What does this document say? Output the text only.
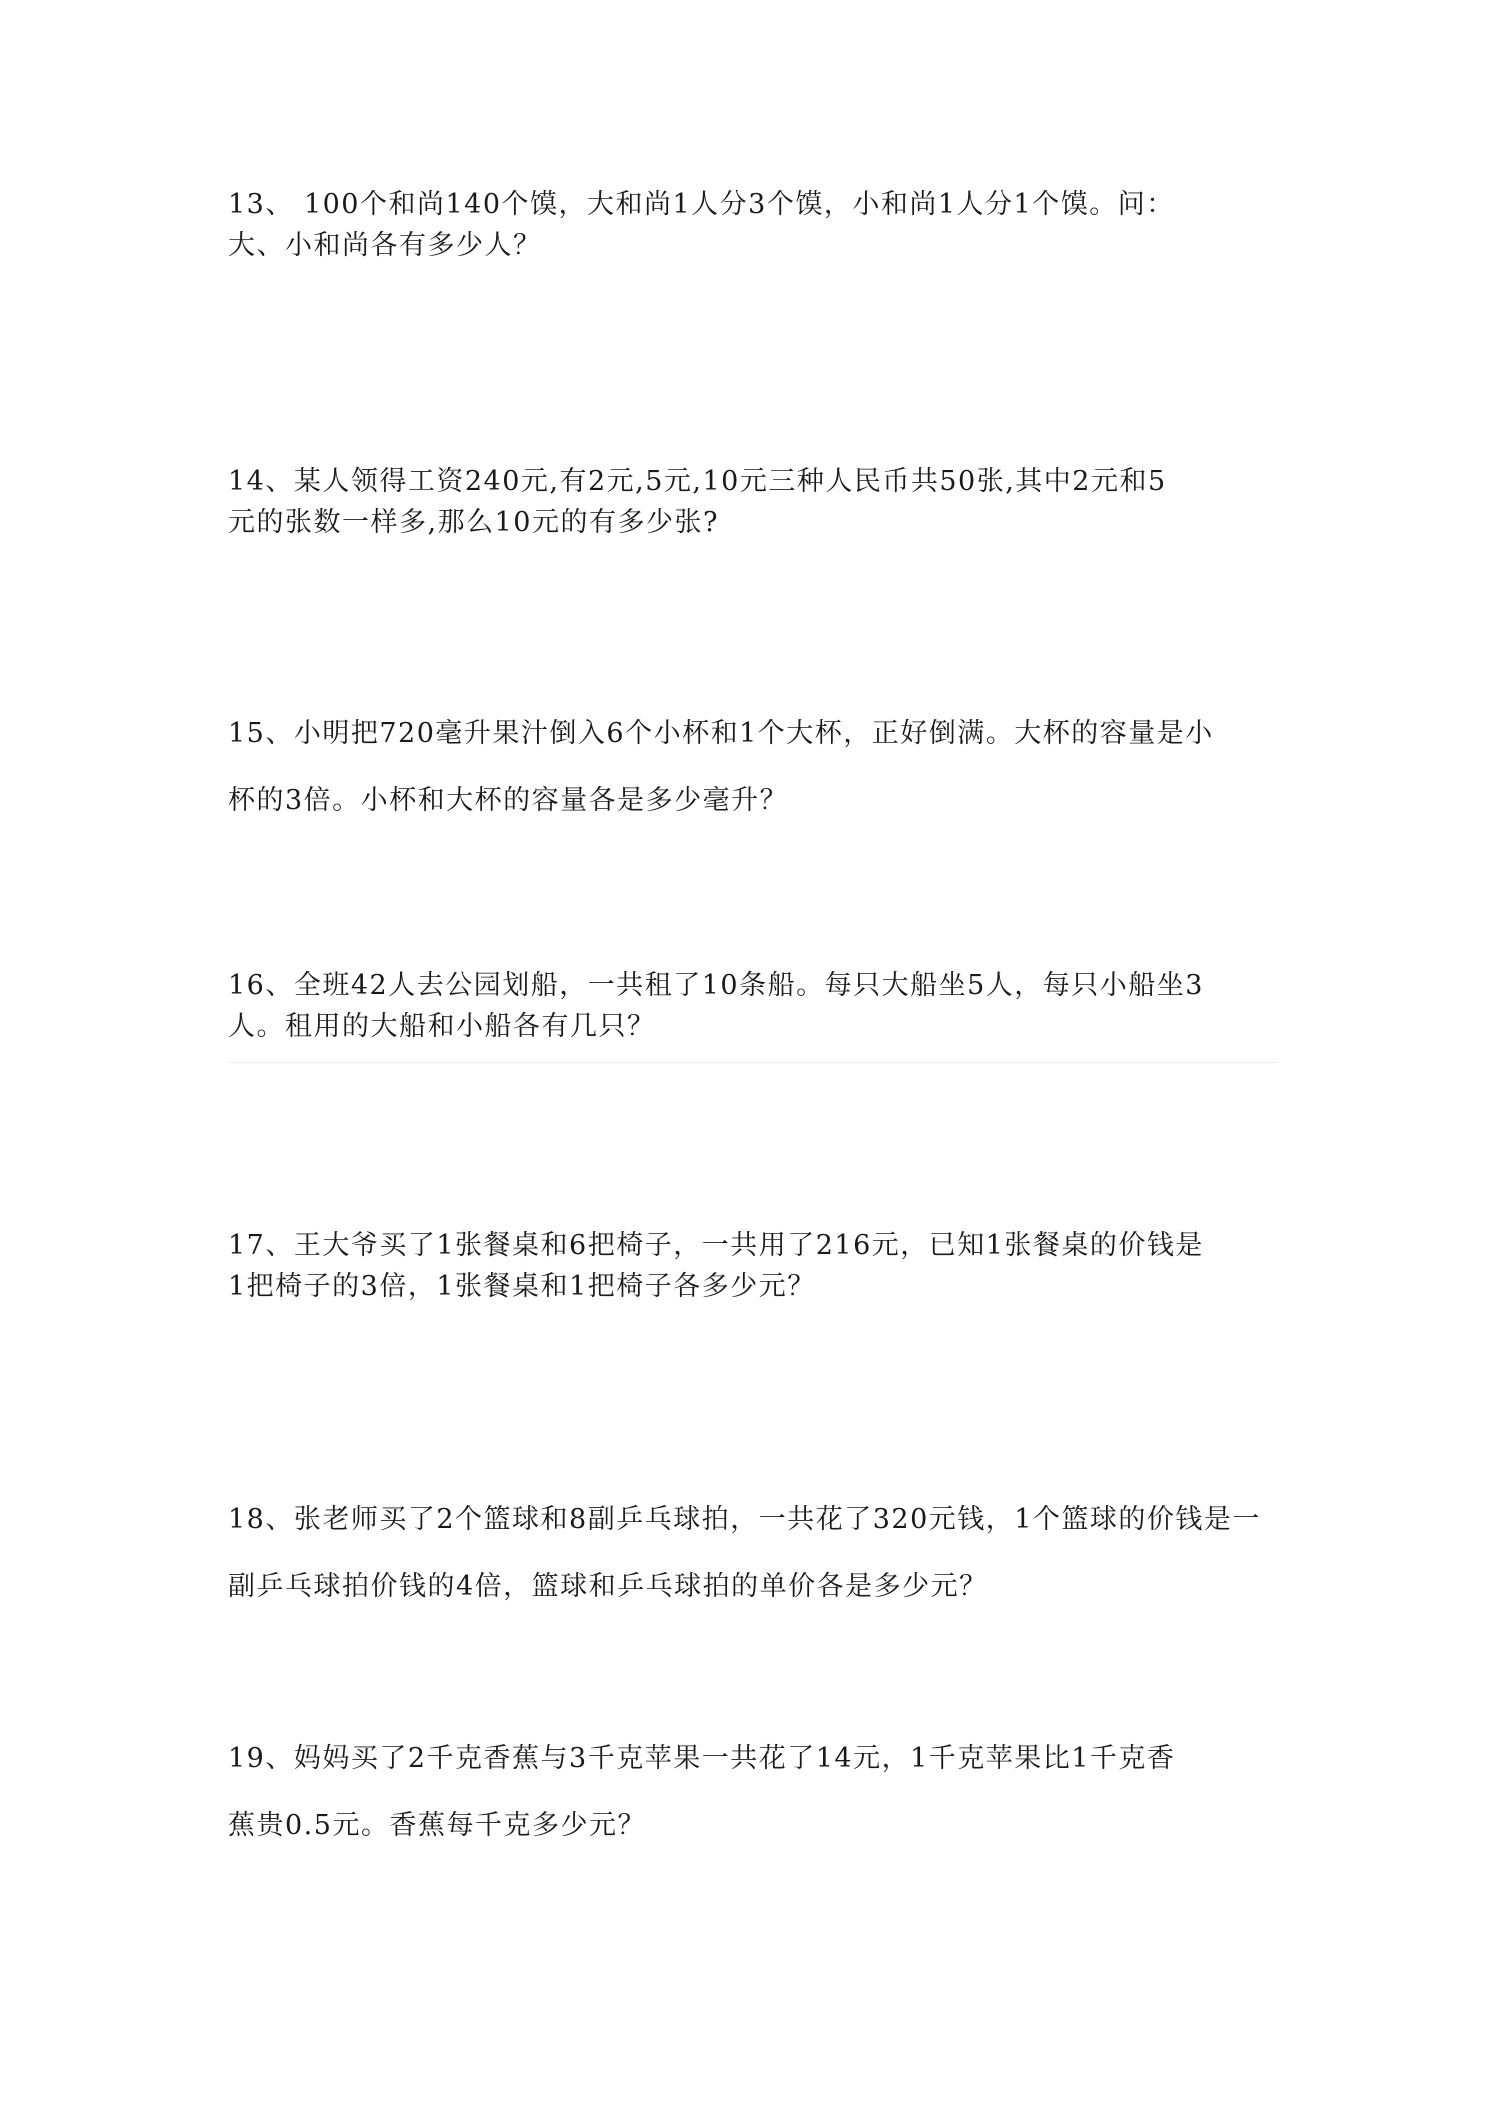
13、 100个和尚140个馍，大和尚1人分3个馍，小和尚1人分1个馍。问：
大、小和尚各有多少人？
14、某人领得工资240元,有2元,5元,10元三种人民币共50张,其中2元和5
元的张数一样多,那么10元的有多少张?
15、小明把720毫升果汁倒入6个小杯和1个大杯，正好倒满。大杯的容量是小
杯的3倍。小杯和大杯的容量各是多少毫升？
16、全班42人去公园划船，一共租了10条船。每只大船坐5人，每只小船坐3
人。租用的大船和小船各有几只？
17、王大爷买了1张餐桌和6把椅子，一共用了216元，已知1张餐桌的价钱是
1把椅子的3倍，1张餐桌和1把椅子各多少元？
18、张老师买了2个篮球和8副乒乓球拍，一共花了320元钱，1个篮球的价钱是一
副乒乓球拍价钱的4倍，篮球和乒乓球拍的单价各是多少元？
19、妈妈买了2千克香蕉与3千克苹果一共花了14元，1千克苹果比1千克香
蕉贵0.5元。香蕉每千克多少元？
